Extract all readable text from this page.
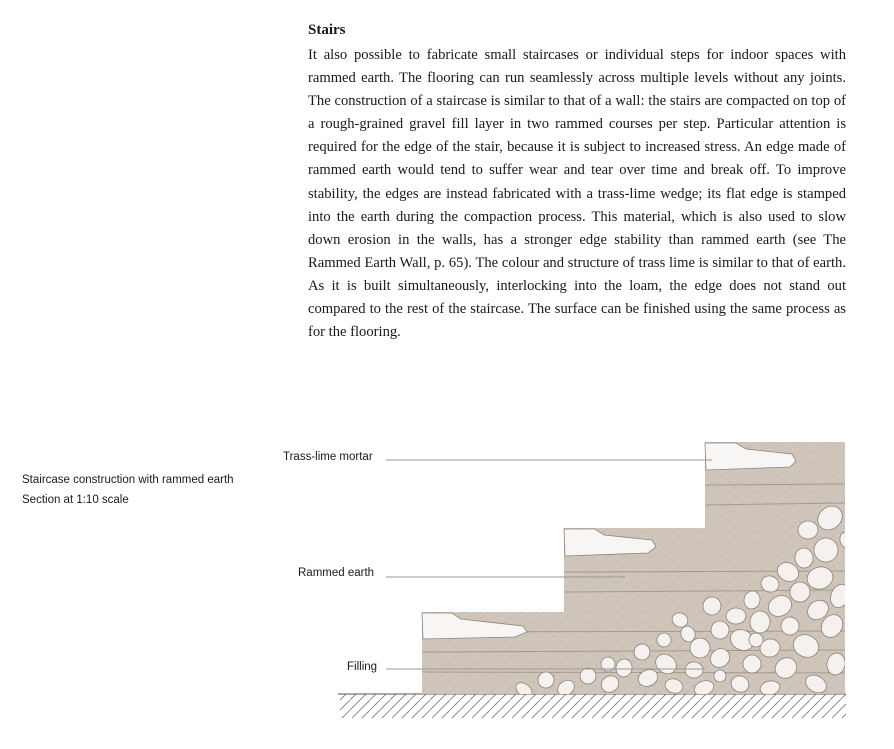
Stairs

It also possible to fabricate small staircases or individual steps for indoor spaces with rammed earth. The flooring can run seamlessly across multiple levels without any joints. The construction of a staircase is similar to that of a wall: the stairs are compacted on top of a rough-grained gravel fill layer in two rammed courses per step. Particular attention is required for the edge of the stair, because it is subject to increased stress. An edge made of rammed earth would tend to suffer wear and tear over time and break off. To improve stability, the edges are instead fabricated with a trass-lime wedge; its flat edge is stamped into the earth during the compaction process. This material, which is also used to slow down erosion in the walls, has a stronger edge stability than rammed earth (see The Rammed Earth Wall, p. 65). The colour and structure of trass lime is similar to that of earth. As it is built simultaneously, interlocking into the loam, the edge does not stand out compared to the rest of the staircase. The surface can be finished using the same process as for the flooring.

Staircase construction with rammed earth
Section at 1:10 scale
Trass-lime mortar
Rammed earth
Filling
